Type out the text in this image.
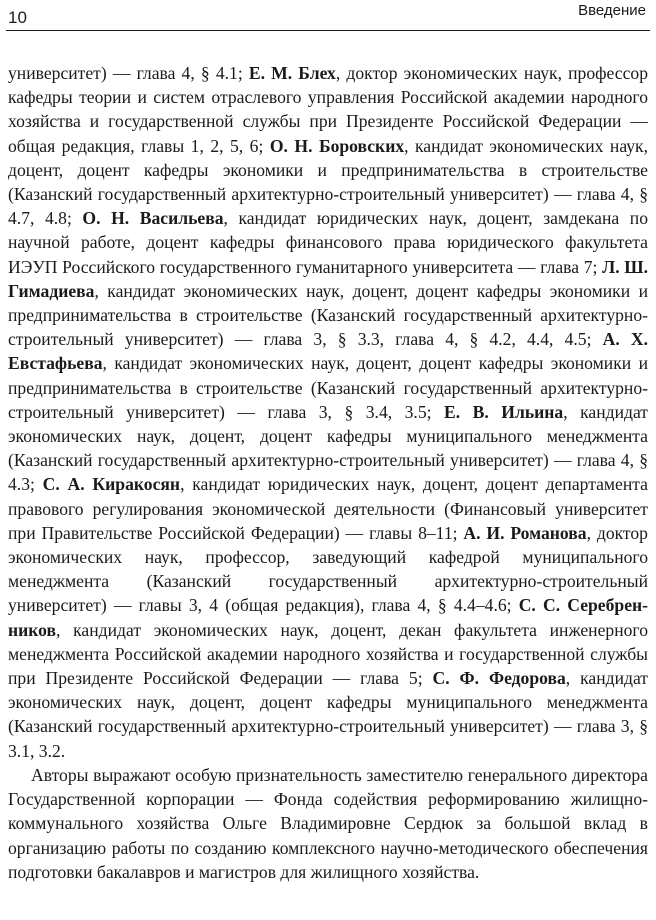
10	Введение

университет) — глава 4, § 4.1; Е. М. Блех, доктор экономических наук, профессор кафедры теории и систем отраслевого управления Российской академии народного хозяйства и государственной службы при Президенте Российской Федерации — общая редакция, главы 1, 2, 5, 6; О. Н. Боровских, кандидат экономических наук, доцент, доцент кафедры экономики и предпринимательства в строительстве (Казанский государственный архитектурно-строительный университет) — глава 4, § 4.7, 4.8; О. Н. Васильева, кандидат юридических наук, доцент, замдекана по научной работе, доцент кафедры финансового права юридического факультета ИЭУП Российского государственного гуманитарного университета — глава 7; Л. Ш. Гимадиева, кандидат экономических наук, доцент, доцент кафедры экономики и предпринимательства в строительстве (Казанский государственный архитектурно-строительный университет) — глава 3, § 3.3, глава 4, § 4.2, 4.4, 4.5; А. Х. Евстафьева, кандидат экономических наук, доцент, доцент кафедры экономики и предпринимательства в строительстве (Казанский государственный архитектурно-строительный университет) — глава 3, § 3.4, 3.5; Е. В. Ильина, кандидат экономических наук, доцент, доцент кафедры муниципального менеджмента (Казанский государственный архитектурно-строительный университет) — глава 4, § 4.3; С. А. Киракосян, кандидат юридических наук, доцент, доцент департамента правового регулирования экономической деятельности (Финансовый университет при Правительстве Российской Федерации) — главы 8–11; А. И. Романова, доктор экономических наук, профессор, заведующий кафедрой муниципального менеджмента (Казанский государственный архитектурно-строительный университет) — главы 3, 4 (общая редакция), глава 4, § 4.4–4.6; С. С. Серебренников, кандидат экономических наук, доцент, декан факультета инженерного менеджмента Российской академии народного хозяйства и государственной службы при Президенте Российской Федерации — глава 5; С. Ф. Федорова, кандидат экономических наук, доцент, доцент кафедры муниципального менеджмента (Казанский государственный архитектурно-строительный университет) — глава 3, § 3.1, 3.2.

Авторы выражают особую признательность заместителю генерального директора Государственной корпорации — Фонда содействия реформированию жилищно-коммунального хозяйства Ольге Владимировне Сердюк за большой вклад в организацию работы по созданию комплексного научно-методического обеспечения подготовки бакалавров и магистров для жилищного хозяйства.
